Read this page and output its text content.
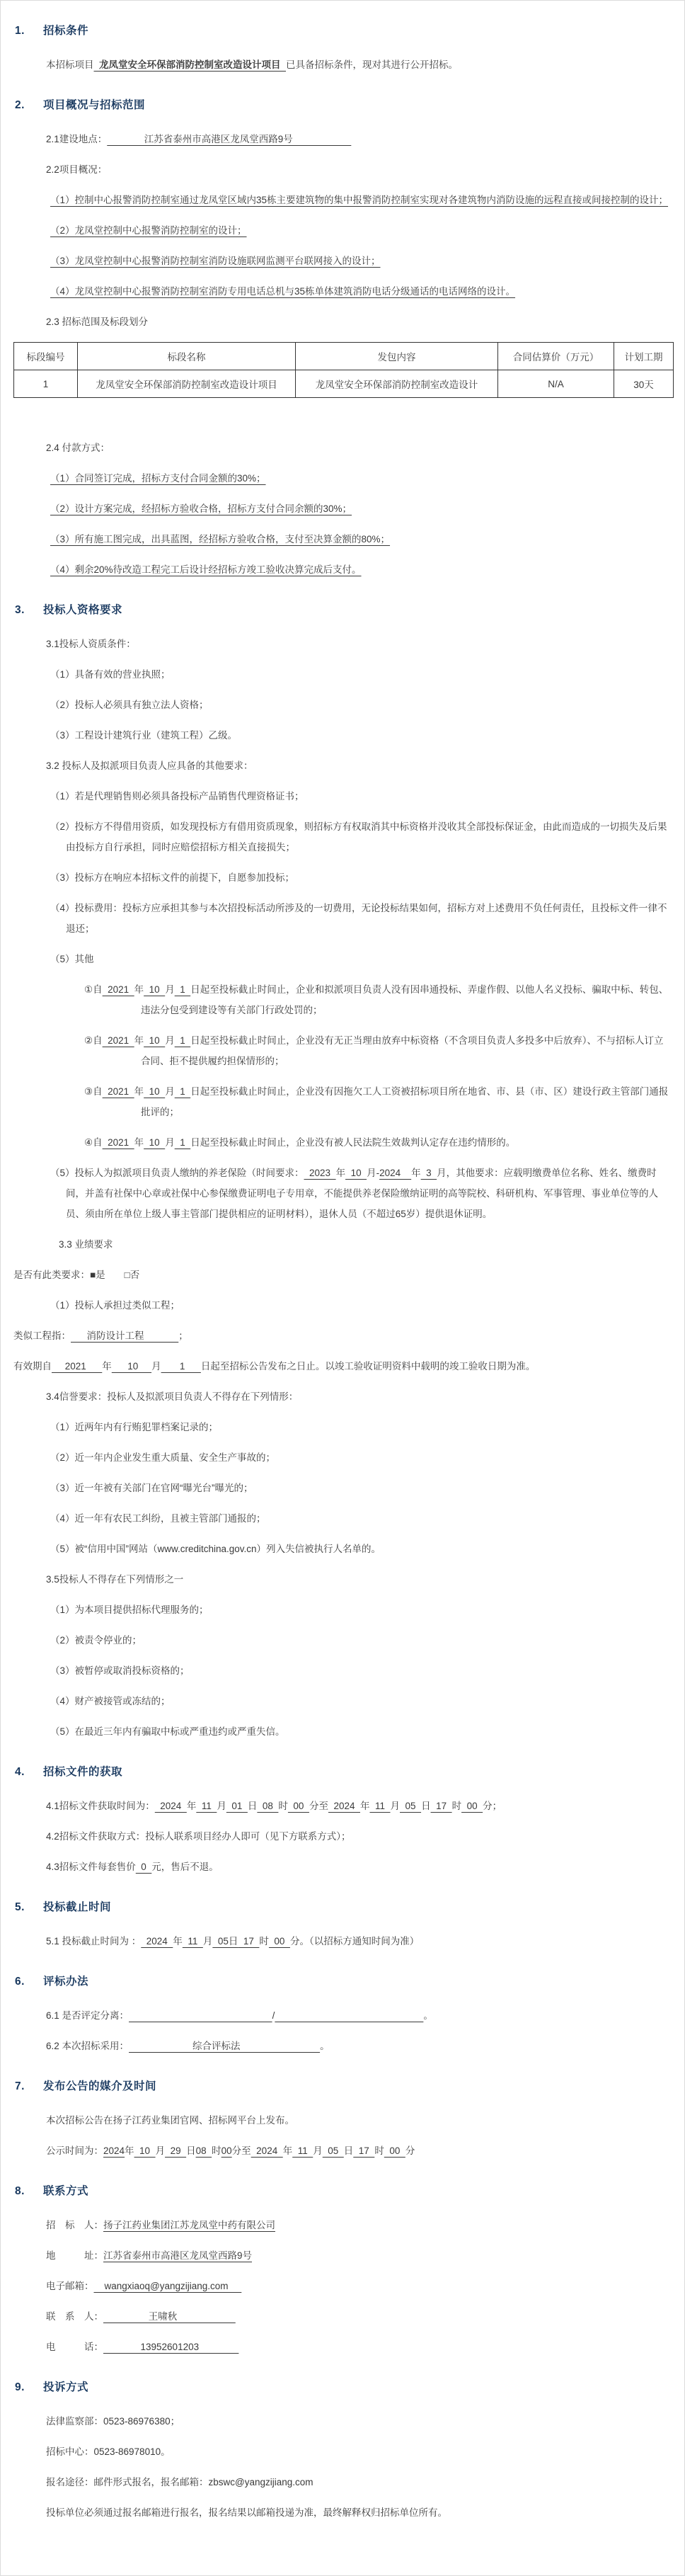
1. 招标条件

本招标项目  龙凤堂安全环保部消防控制室改造设计项目  已具备招标条件，现对其进行公开招标。

2. 项目概况与招标范围

2.1建设地点：              江苏省泰州市高港区龙凤堂西路9号

2.2项目概况：

（1）控制中心报警消防控制室通过龙凤堂区域内35栋主要建筑物的集中报警消防控制室实现对各建筑物内消防设施的远程直接或间接控制的设计；

（2）龙凤堂控制中心报警消防控制室的设计；

（3）龙凤堂控制中心报警消防控制室消防设施联网监测平台联网接入的设计；

（4）龙凤堂控制中心报警消防控制室消防专用电话总机与35栋单体建筑消防电话分级通话的电话网络的设计。

2.3 招标范围及标段划分

标段编号	标段名称	发包内容	合同估算价（万元）	计划工期
1	龙凤堂安全环保部消防控制室改造设计项目	龙凤堂安全环保部消防控制室改造设计	N/A	30天

2.4 付款方式：

（1）合同签订完成，招标方支付合同金额的30%；

（2）设计方案完成，经招标方验收合格，招标方支付合同余额的30%；

（3）所有施工图完成，出具蓝图，经招标方验收合格，支付至决算金额的80%；

（4）剩余20%待改造工程完工后设计经招标方竣工验收决算完成后支付。

3. 投标人资格要求

3.1投标人资质条件：

（1）具备有效的营业执照；

（2）投标人必须具有独立法人资格；

（3）工程设计建筑行业（建筑工程）乙级。

3.2 投标人及拟派项目负责人应具备的其他要求：

（1）若是代理销售则必须具备投标产品销售代理资格证书；

（2）投标方不得借用资质，如发现投标方有借用资质现象，则招标方有权取消其中标资格并没收其全部投标保证金，由此而造成的一切损失及后果由投标方自行承担，同时应赔偿招标方相关直接损失；

（3）投标方在响应本招标文件的前提下，自愿参加投标；

（4）投标费用：投标方应承担其参与本次招投标活动所涉及的一切费用，无论投标结果如何，招标方对上述费用不负任何责任，且投标文件一律不退还；

（5）其他

①自  2021  年  10  月  1  日起至投标截止时间止，企业和拟派项目负责人没有因串通投标、弄虚作假、以他人名义投标、骗取中标、转包、违法分包受到建设等有关部门行政处罚的；

②自  2021  年  10  月  1  日起至投标截止时间止，企业没有无正当理由放弃中标资格（不含项目负责人多投多中后放弃）、不与招标人订立合同、拒不提供履约担保情形的；

③自  2021  年  10  月  1  日起至投标截止时间止，企业没有因拖欠工人工资被招标项目所在地省、市、县（市、区）建设行政主管部门通报批评的；

④自  2021  年  10  月  1  日起至投标截止时间止，企业没有被人民法院生效裁判认定存在违约情形的。

（5）投标人为拟派项目负责人缴纳的养老保险（时间要求：  2023  年  10  月-2024    年  3  月，其他要求：应载明缴费单位名称、姓名、缴费时间，并盖有社保中心章或社保中心参保缴费证明电子专用章，不能提供养老保险缴纳证明的高等院校、科研机构、军事管理、事业单位等的人员、须由所在单位上级人事主管部门提供相应的证明材料），退休人员（不超过65岁）提供退休证明。

3.3 业绩要求

是否有此类要求：■是　　□否

（1）投标人承担过类似工程；

类似工程指：      消防设计工程             ；

有效期自     2021      年      10     月       1      日起至招标公告发布之日止。以竣工验收证明资料中载明的竣工验收日期为准。

3.4信誉要求：投标人及拟派项目负责人不得存在下列情形：

（1）近两年内有行贿犯罪档案记录的；

（2）近一年内企业发生重大质量、安全生产事故的；

（3）近一年被有关部门在官网“曝光台”曝光的；

（4）近一年有农民工纠纷，且被主管部门通报的；

（5）被“信用中国”网站（www.creditchina.gov.cn）列入失信被执行人名单的。

3.5投标人不得存在下列情形之一

（1）为本项目提供招标代理服务的；

（2）被责令停业的；

（3）被暂停或取消投标资格的；

（4）财产被接管或冻结的；

（5）在最近三年内有骗取中标或严重违约或严重失信。

4. 招标文件的获取

4.1招标文件获取时间为：  2024  年  11  月  01  日  08  时  00  分至  2024  年  11  月  05  日  17  时  00  分；

4.2招标文件获取方式：投标人联系项目经办人即可（见下方联系方式）；

4.3招标文件每套售价  0  元，售后不退。

5. 投标截止时间

5.1 投标截止时间为 ：  2024  年  11  月  05日  17  时  00  分。（以招标方通知时间为准）

6. 评标办法

6.1 是否评定分离：	/	。

6.2 本次招标采用：                        综合评标法                              。

7. 发布公告的媒介及时间

本次招标公告在扬子江药业集团官网、招标网平台上发布。

公示时间为：2024年  10  月  29  日08  时00分至  2024  年  11  月  05  日  17  时  00  分

8. 联系方式

招　标　人：扬子江药业集团江苏龙凤堂中药有限公司

地　　　址：江苏省泰州市高港区龙凤堂西路9号

电子邮箱：    wangxiaoq@yangzijiang.com

联　系　人：                 王啸秋

电　　　话：              13952601203

9. 投诉方式

法律监察部：0523-86976380；

招标中心：0523-86978010。

报名途径：邮件形式报名，报名邮箱：zbswc@yangzijiang.com

投标单位必须通过报名邮箱进行报名，报名结果以邮箱投递为准，最终解释权归招标单位所有。
